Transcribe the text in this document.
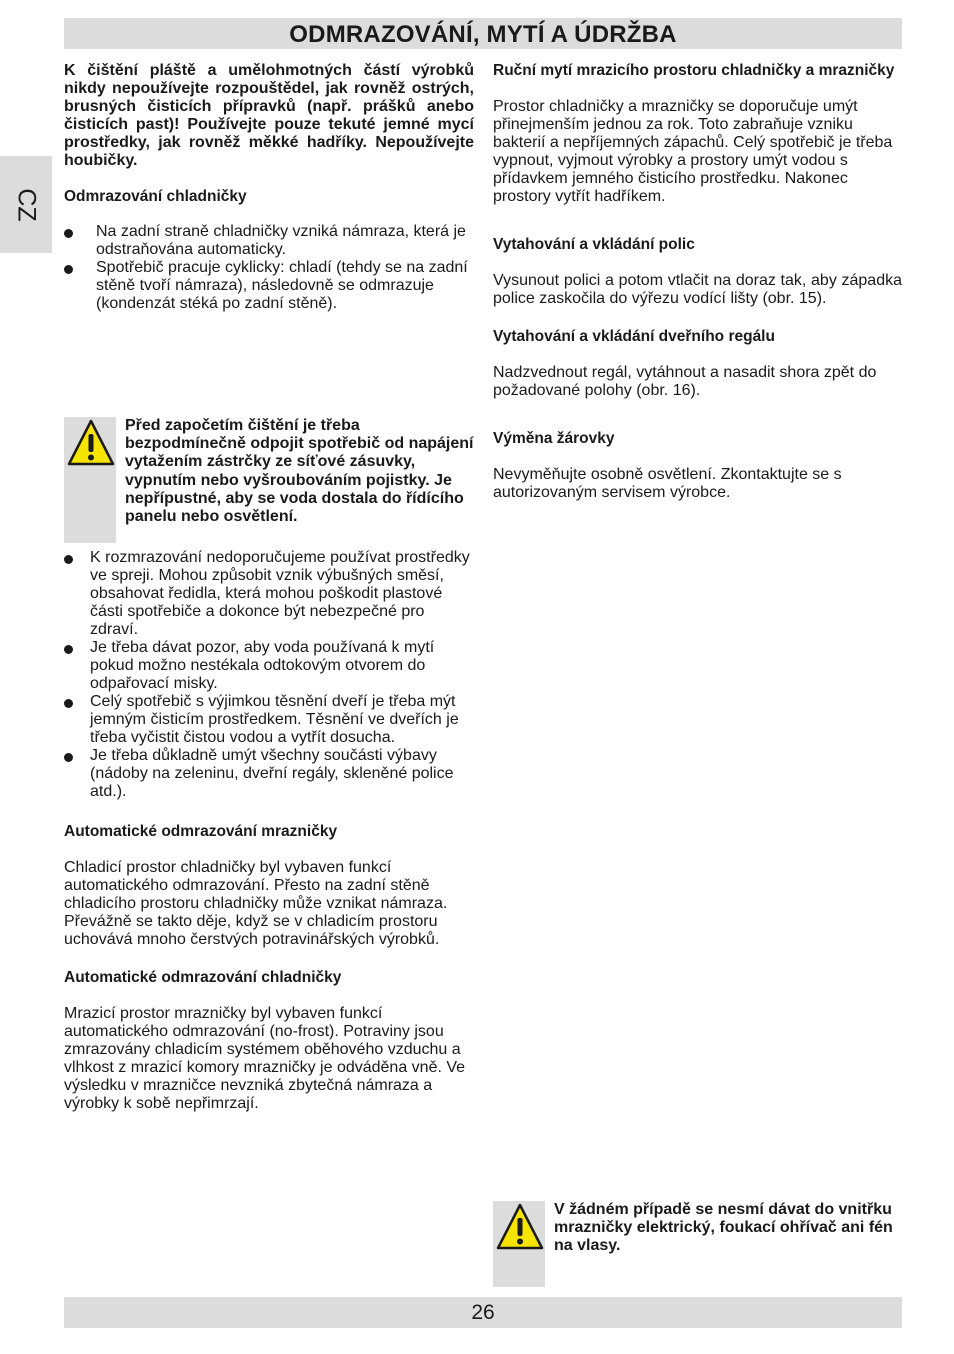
ODMRAZOVÁNÍ, MYTÍ A ÚDRŽBA
CZ

K čištění pláště a umělohmotných částí výrobků nikdy nepoužívejte rozpouštědel, jak rovněž ostrých, brusných čisticích přípravků (např. prášků anebo čisticích past)! Používejte pouze tekuté jemné mycí prostředky, jak rovněž měkké hadříky. Nepoužívejte houbičky.

Odmrazování chladničky

Na zadní straně chladničky vzniká námraza, která je odstraňována automaticky.
Spotřebič pracuje cyklicky: chladí (tehdy se na zadní stěně tvoří námraza), následovně se odmrazuje (kondenzát stéká po zadní stěně).

Před započetím čištění je třeba bezpodmínečně odpojit spotřebič od napájení vytažením zástrčky ze síťové zásuvky, vypnutím nebo vyšroubováním pojistky. Je nepřípustné, aby se voda dostala do řídícího panelu nebo osvětlení.

K rozmrazování nedoporučujeme používat prostředky ve spreji. Mohou způsobit vznik výbušných směsí, obsahovat ředidla, která mohou poškodit plastové části spotřebiče a dokonce být nebezpečné pro zdraví.
Je třeba dávat pozor, aby voda používaná k mytí pokud možno nestékala odtokovým otvorem do odpařovací misky.
Celý spotřebič s výjimkou těsnění dveří je třeba mýt jemným čisticím prostředkem. Těsnění ve dveřích je třeba vyčistit čistou vodou a vytřít dosucha.
Je třeba důkladně umýt všechny součásti výbavy (nádoby na zeleninu, dveřní regály, skleněné police atd.).

Automatické odmrazování mrazničky

Chladicí prostor chladničky byl vybaven funkcí automatického odmrazování. Přesto na zadní stěně chladicího prostoru chladničky může vznikat námraza. Převážně se takto děje, když se v chladicím prostoru uchovává mnoho čerstvých potravinářských výrobků.

Automatické odmrazování chladničky

Mrazicí prostor mrazničky byl vybaven funkcí automatického odmrazování (no-frost). Potraviny jsou zmrazovány chladicím systémem oběhového vzduchu a vlhkost z mrazicí komory mrazničky je odváděna vně. Ve výsledku v mrazničce nevzniká zbytečná námraza a výrobky k sobě nepřimrzají.

Ruční mytí mrazicího prostoru chladničky a mrazničky

Prostor chladničky a mrazničky se doporučuje umýt přinejmenším jednou za rok. Toto zabraňuje vzniku bakterií a nepříjemných zápachů. Celý spotřebič je třeba vypnout, vyjmout výrobky a prostory umýt vodou s přídavkem jemného čisticího prostředku. Nakonec prostory vytřít hadříkem.

Vytahování a vkládání polic

Vysunout polici a potom vtlačit na doraz tak, aby západka police zaskočila do výřezu vodící lišty (obr. 15).

Vytahování a vkládání dveřního regálu

Nadzvednout regál, vytáhnout a nasadit shora zpět do požadované polohy (obr. 16).

Výměna žárovky

Nevyměňujte osobně osvětlení. Zkontaktujte se s autorizovaným servisem výrobce.

V žádném případě se nesmí dávat do vnitřku mrazničky elektrický, foukací ohřívač ani fén na vlasy.

26
